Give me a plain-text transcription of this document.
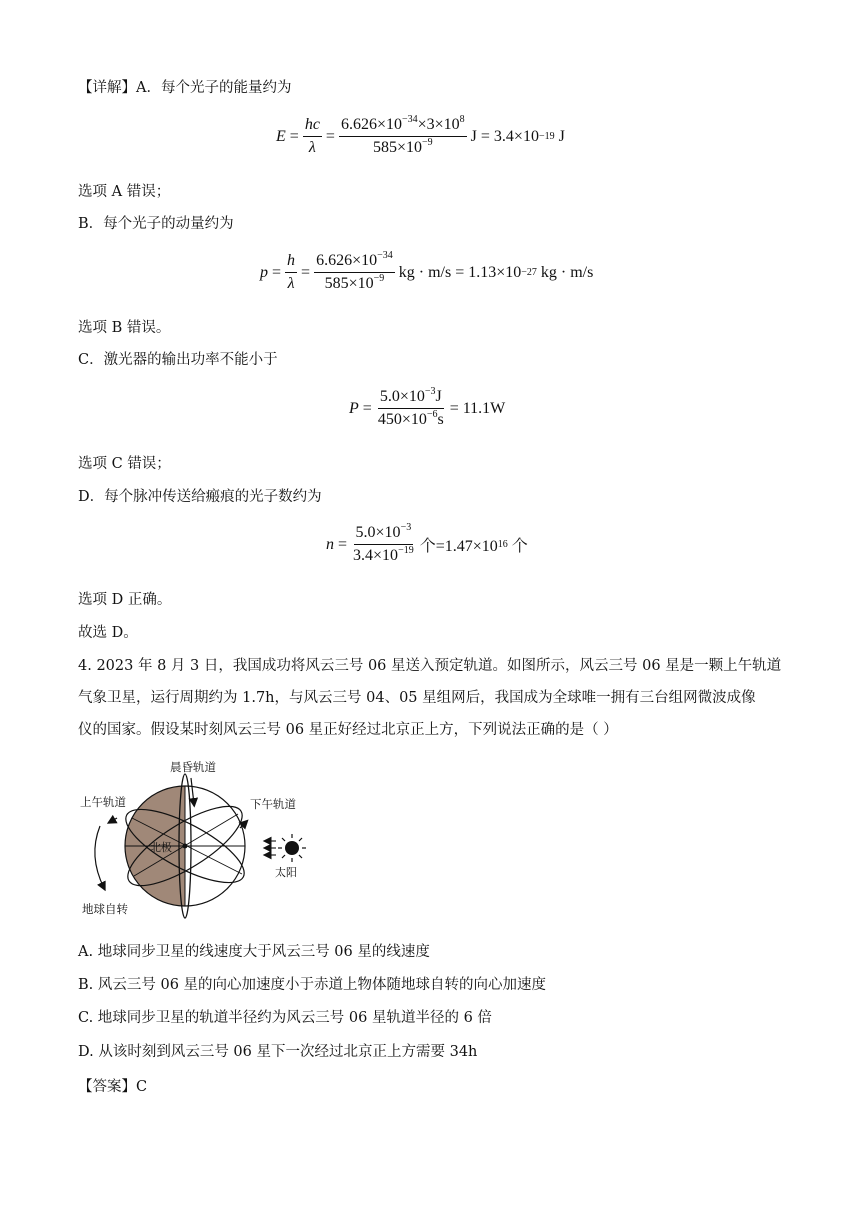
【详解】A．每个光子的能量约为
$E = \frac{hc}{\lambda} = \frac{6.626\times 10^{-34}\times 3\times 10^8}{585\times 10^{-9}}$ J = 3.4×10 −19 J
选项 A 错误；
B．每个光子的动量约为
$p = \frac{h}{\lambda} = \frac{6.626\times 10^{-34}}{585\times 10^{-9}}$ kg · m/s = 1.13×10 −27 kg · m/s
选项 B 错误。
C．激光器的输出功率不能小于
$P = \frac{5.0\times 10^{-3}J}{450\times 10^{-6}s} = 11.1W$
选项 C 错误；
D．每个脉冲传送给瘢痕的光子数约为
$n = \frac{5.0\times 10^{-3}}{3.4\times 10^{-19}}$ 个=1.47×10 16 个
选项 D 正确。
故选 D。
4. 2023 年 8 月 3 日，我国成功将风云三号 06 星送入预定轨道。如图所示，风云三号 06 星是一颗上午轨道
气象卫星，运行周期约为 1.7h，与风云三号 04、05 星组网后，我国成为全球唯一拥有三台组网微波成像
仪的国家。假设某时刻风云三号 06 星正好经过北京正上方，下列说法正确的是（ ）
晨昏轨道
上午轨道	下午轨道
北极
太阳
地球自转
A. 地球同步卫星的线速度大于风云三号 06 星的线速度
B. 风云三号 06 星的向心加速度小于赤道上物体随地球自转的向心加速度
C. 地球同步卫星的轨道半径约为风云三号 06 星轨道半径的 6 倍
D. 从该时刻到风云三号 06 星下一次经过北京正上方需要 34h
【答案】C
